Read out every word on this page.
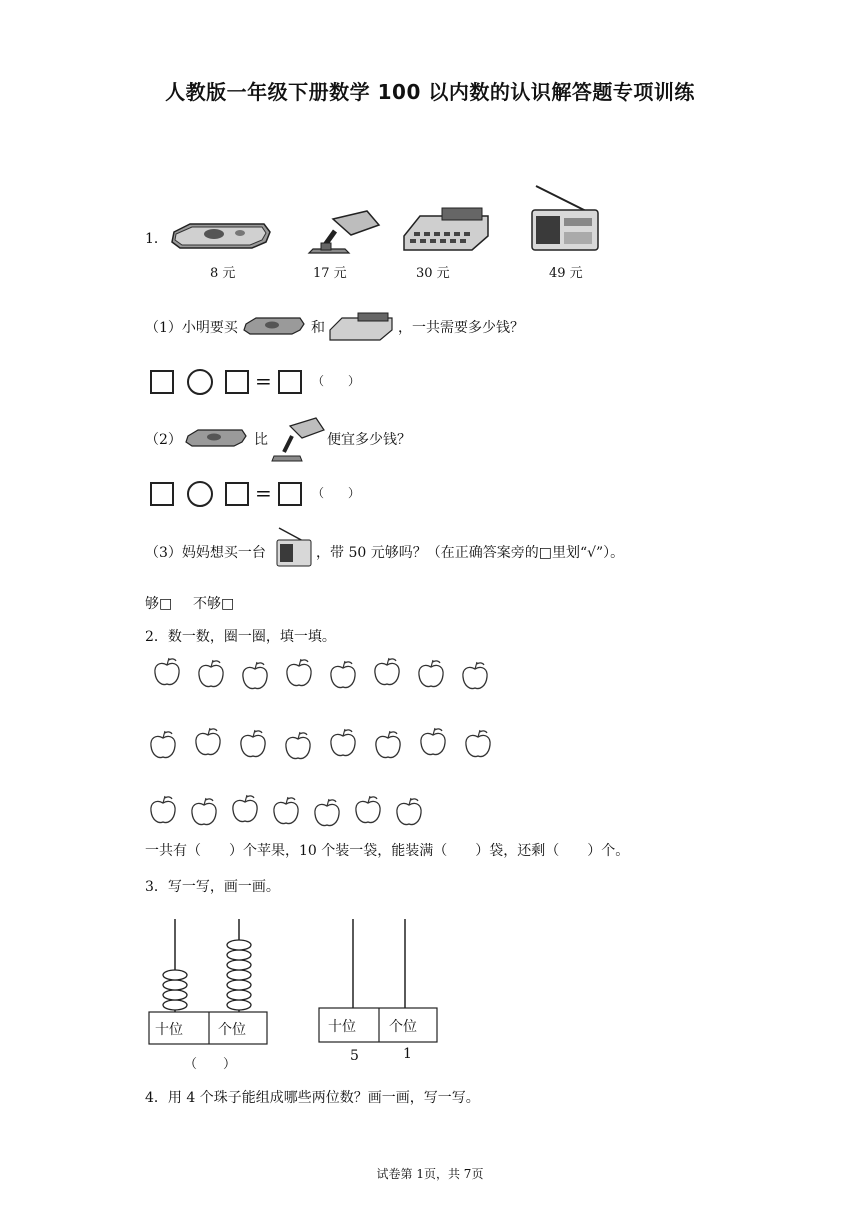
人教版一年级下册数学 100 以内数的认识解答题专项训练
1．
8 元	17 元	30 元	49 元
（1）小明要买	和	，一共需要多少钱？
=	（　　）
（2）	比	便宜多少钱？
=	（　　）
（3）妈妈想买一台	，带 50 元够吗？（在正确答案旁的□里划“√”）。
够□ 不够□
2．数一数，圈一圈，填一填。
一共有（　　）个苹果，10 个装一袋，能装满（　　）袋，还剩（　　）个。
3．写一写，画一画。
十位	个位
（　　）
十位 个位
5	1
4．用 4 个珠子能组成哪些两位数？画一画，写一写。
试卷第 1页，共 7页
